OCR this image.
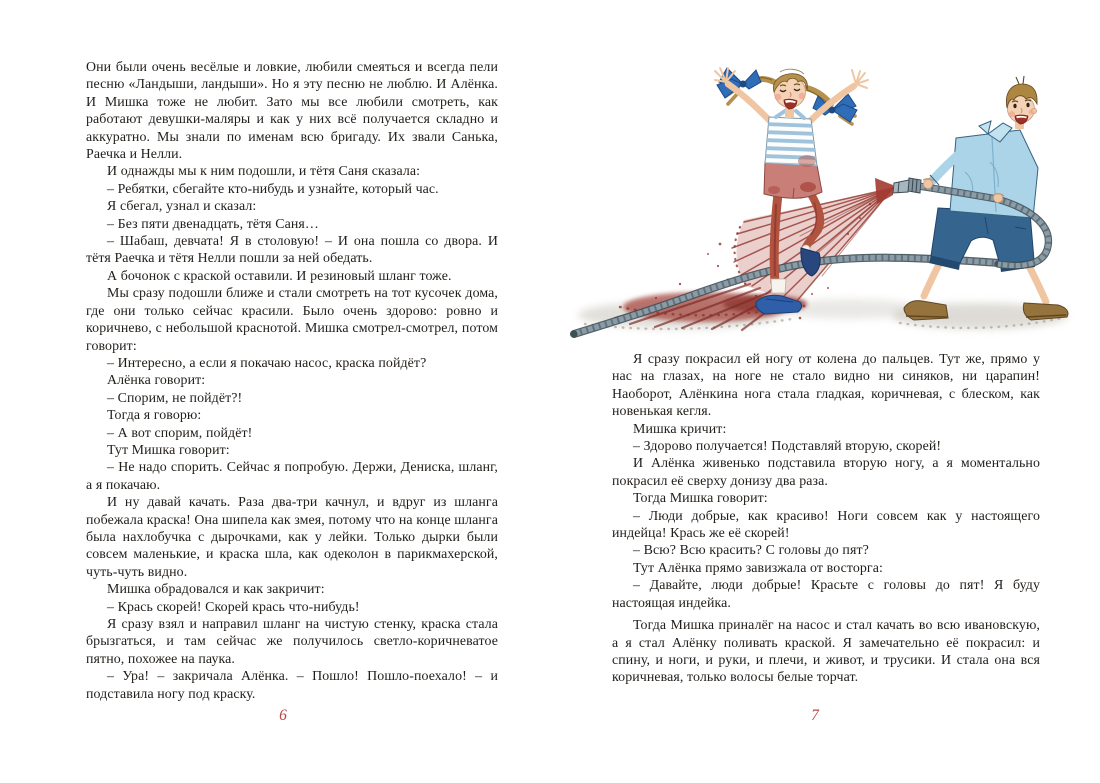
Они были очень весёлые и ловкие, любили смеяться и всегда пели песню «Ландыши, ландыши». Но я эту песню не люблю. И Алёнка. И Мишка тоже не любит. Зато мы все любили смотреть, как работают девушки-маляры и как у них всё получается складно и аккуратно. Мы знали по именам всю бригаду. Их звали Санька, Раечка и Нелли.

И однажды мы к ним подошли, и тётя Саня сказала:

– Ребятки, сбегайте кто-нибудь и узнайте, который час.

Я сбегал, узнал и сказал:

– Без пяти двенадцать, тётя Саня…

– Шабаш, девчата! Я в столовую! – И она пошла со двора. И тётя Раечка и тётя Нелли пошли за ней обедать.

А бочонок с краской оставили. И резиновый шланг тоже.

Мы сразу подошли ближе и стали смотреть на тот кусочек дома, где они только сейчас красили. Было очень здорово: ровно и коричнево, с небольшой краснотой. Мишка смотрел-смотрел, потом говорит:

– Интересно, а если я покачаю насос, краска пойдёт?

Алёнка говорит:

– Спорим, не пойдёт?!

Тогда я говорю:

– А вот спорим, пойдёт!

Тут Мишка говорит:

– Не надо спорить. Сейчас я попробую. Держи, Дениска, шланг, а я покачаю.

И ну давай качать. Раза два-три качнул, и вдруг из шланга побежала краска! Она шипела как змея, потому что на конце шланга была нахлобучка с дырочками, как у лейки. Только дырки были совсем маленькие, и краска шла, как одеколон в парикмахерской, чуть-чуть видно.

Мишка обрадовался и как закричит:

– Крась скорей! Скорей крась что-нибудь!

Я сразу взял и направил шланг на чистую стенку, краска стала брызгаться, и там сейчас же получилось светло-коричневатое пятно, похожее на паука.

– Ура! – закричала Алёнка. – Пошло! Пошло-поехало! – и подставила ногу под краску.

6

Я сразу покрасил ей ногу от колена до пальцев. Тут же, прямо у нас на глазах, на ноге не стало видно ни синяков, ни царапин! Наоборот, Алёнкина нога стала гладкая, коричневая, с блеском, как новенькая кегля.

Мишка кричит:

– Здорово получается! Подставляй вторую, скорей!

И Алёнка живенько подставила вторую ногу, а я моментально покрасил её сверху донизу два раза.

Тогда Мишка говорит:

– Люди добрые, как красиво! Ноги совсем как у настоящего индейца! Крась же её скорей!

– Всю? Всю красить? С головы до пят?

Тут Алёнка прямо завизжала от восторга:

– Давайте, люди добрые! Красьте с головы до пят! Я буду настоящая индейка.

Тогда Мишка приналёг на насос и стал качать во всю ивановскую, а я стал Алёнку поливать краской. Я замечательно её покрасил: и спину, и ноги, и руки, и плечи, и живот, и трусики. И стала она вся коричневая, только волосы белые торчат.

7
